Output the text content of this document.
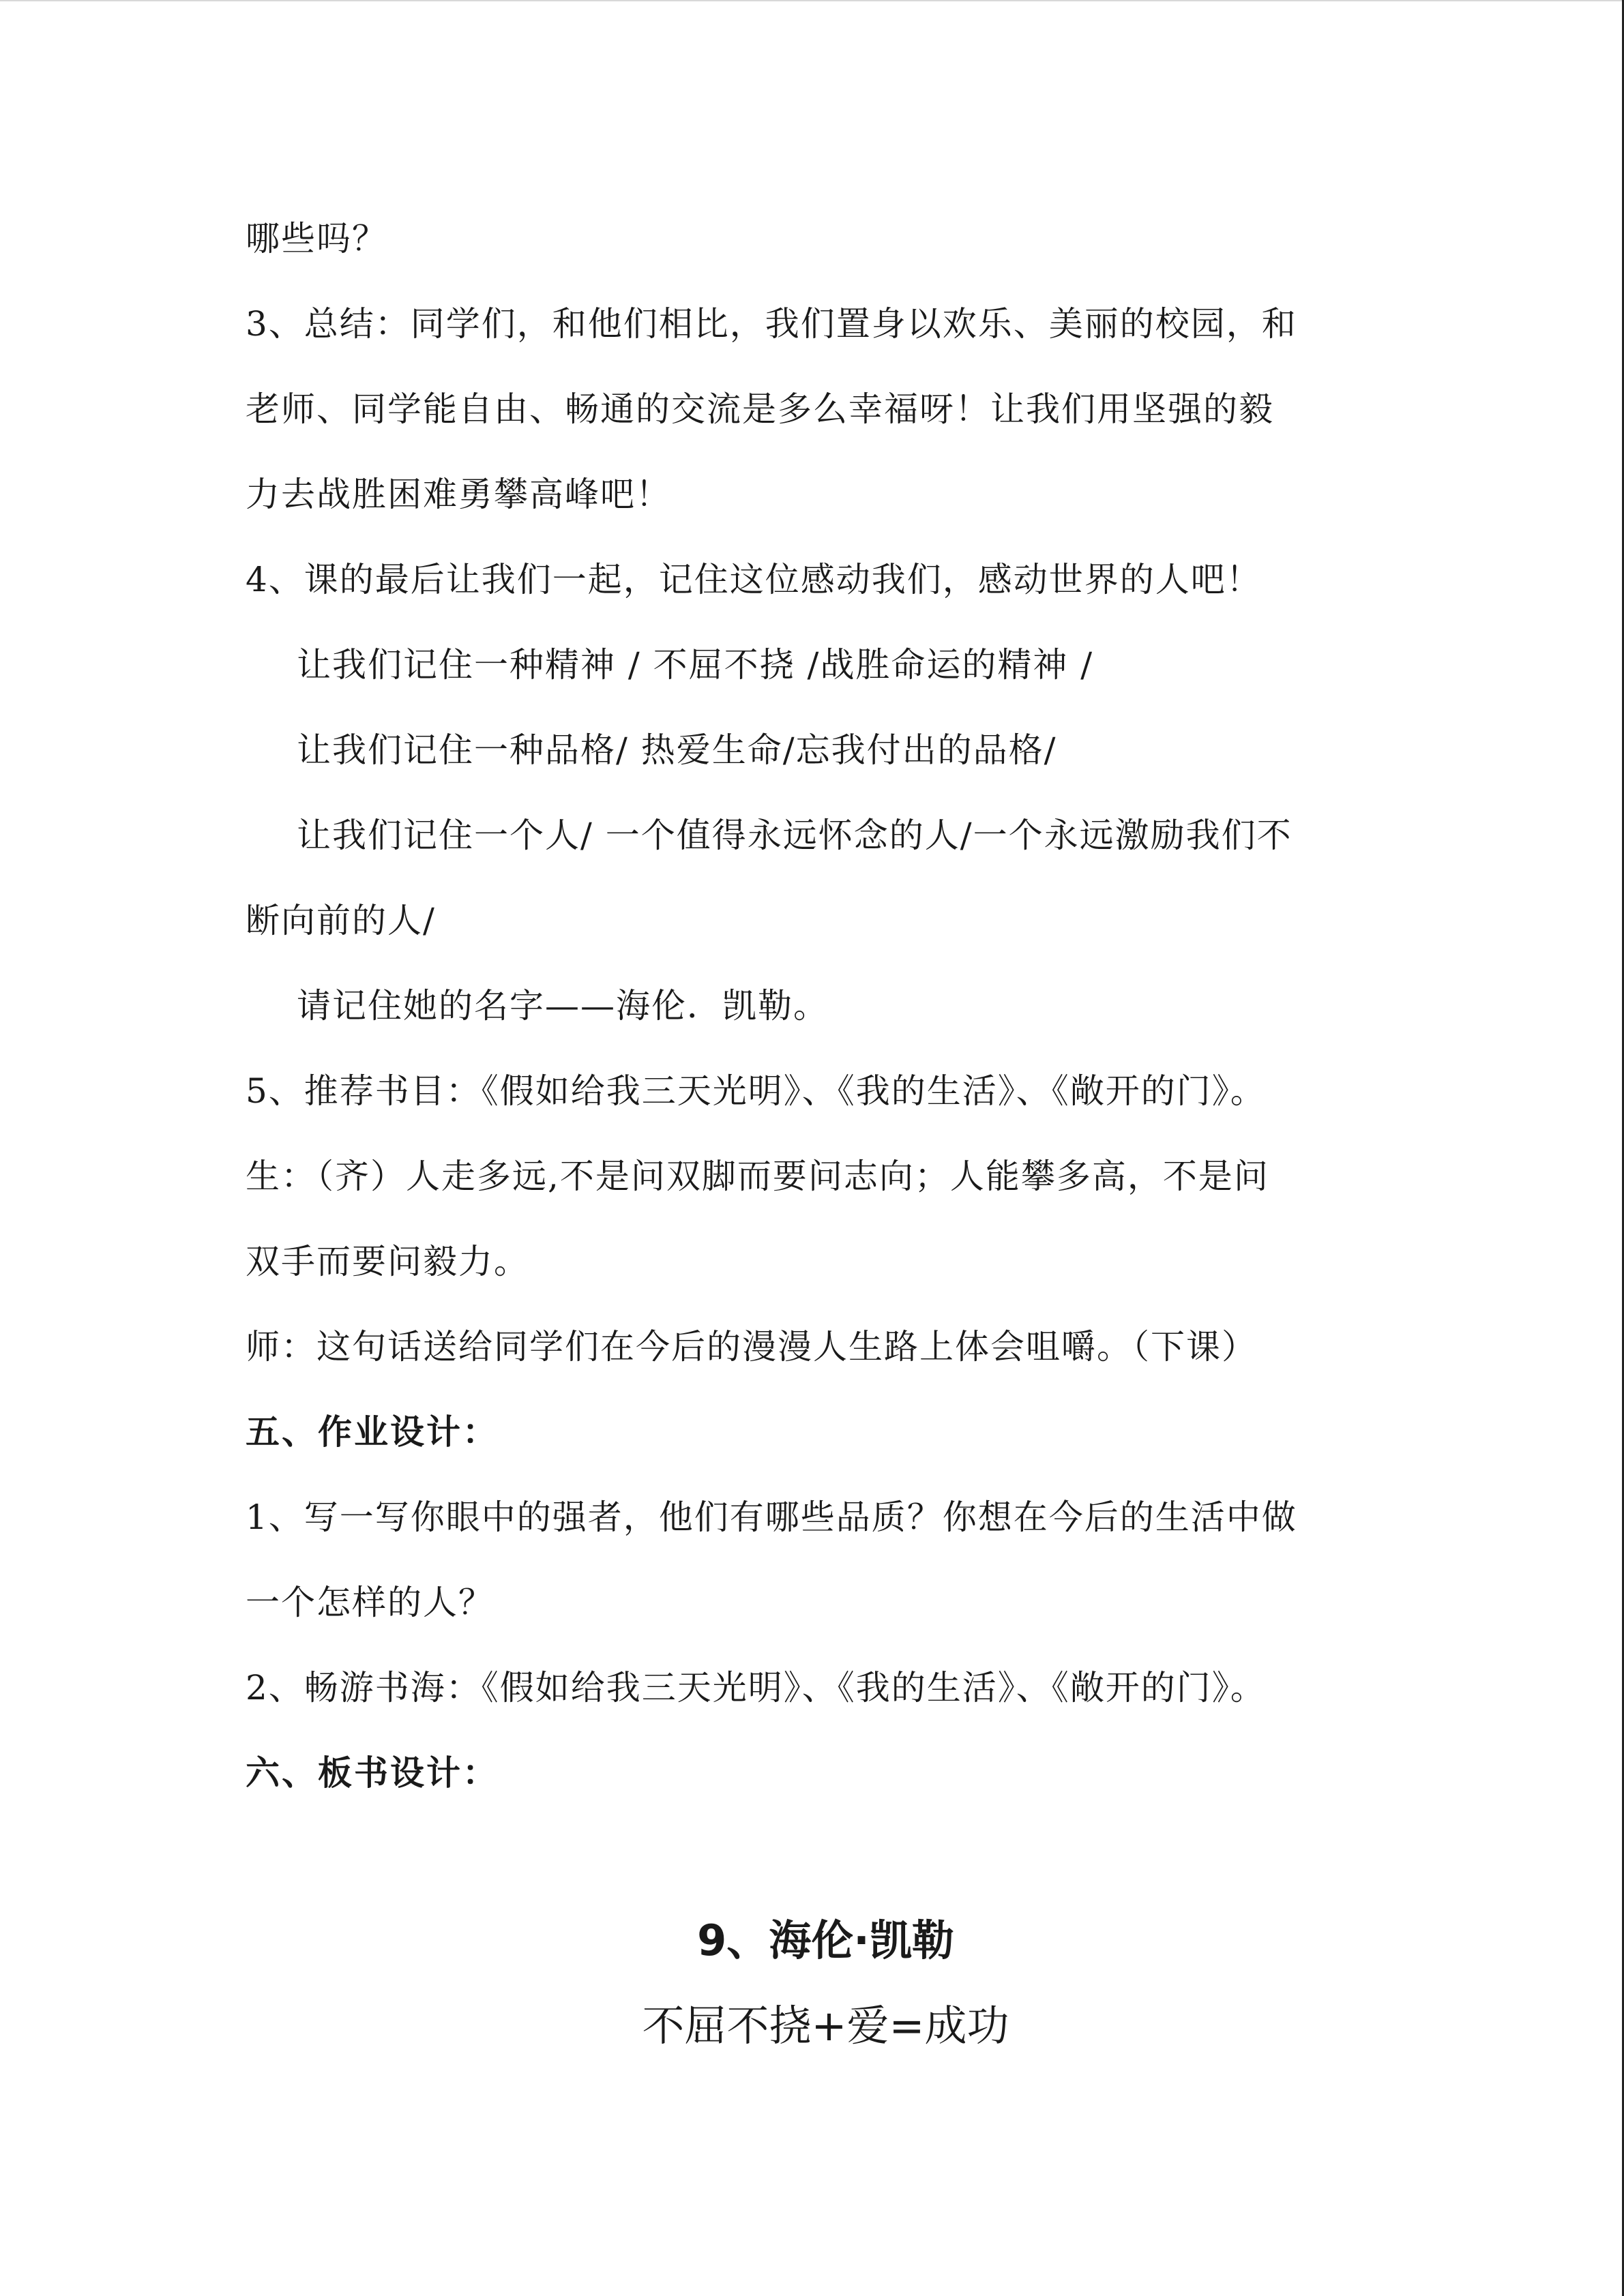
哪些吗？
3、总结：同学们，和他们相比，我们置身以欢乐、美丽的校园，和
老师、同学能自由、畅通的交流是多么幸福呀！让我们用坚强的毅
力去战胜困难勇攀高峰吧！
4、课的最后让我们一起，记住这位感动我们，感动世界的人吧！
让我们记住一种精神 / 不屈不挠 /战胜命运的精神 /
让我们记住一种品格/ 热爱生命/忘我付出的品格/
让我们记住一个人/ 一个值得永远怀念的人/一个永远激励我们不
断向前的人/
请记住她的名字——海伦．凯勒。
5、推荐书目：《假如给我三天光明》、《我的生活》、《敞开的门》。
生：（齐）人走多远,不是问双脚而要问志向；人能攀多高，不是问
双手而要问毅力。
师：这句话送给同学们在今后的漫漫人生路上体会咀嚼。（下课）
五、作业设计：
1、写一写你眼中的强者，他们有哪些品质？你想在今后的生活中做
一个怎样的人？
2、畅游书海：《假如给我三天光明》、《我的生活》、《敞开的门》。
六、板书设计：
9、海伦·凯勒
不屈不挠+爱=成功
